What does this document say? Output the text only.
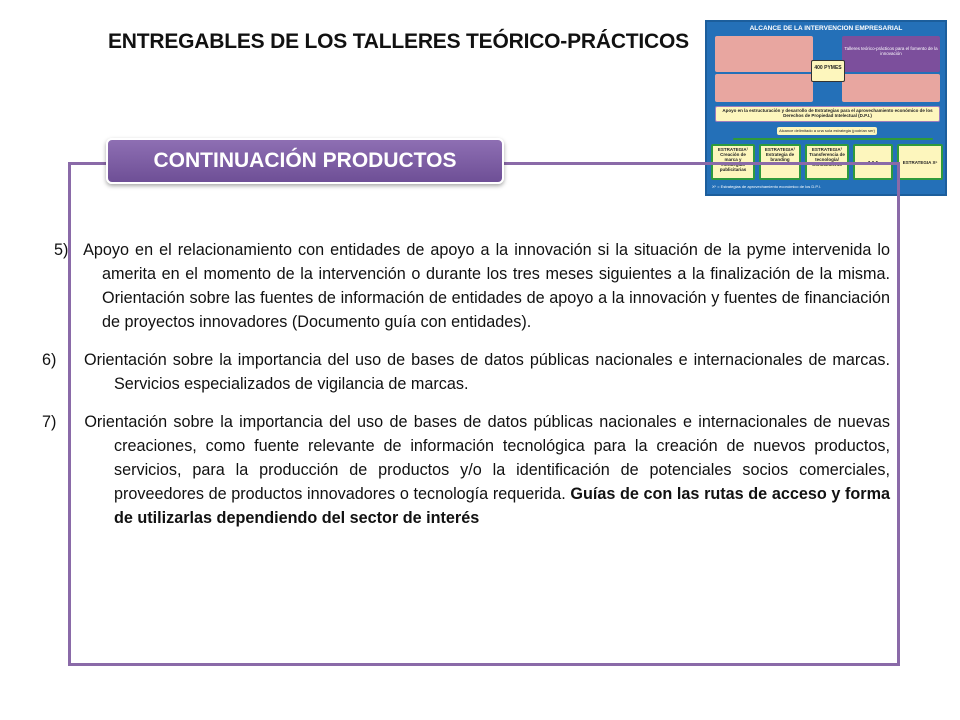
ENTREGABLES DE LOS TALLERES TEÓRICO-PRÁCTICOS
ALCANCE DE LA INTERVENCION EMPRESARIAL
Talleres teórico-prácticos para el fomento de la innovación
400 PYMES
Apoyo en la estructuración y desarrollo de Estrategias para el aprovechamiento económico de los Derechos de Propiedad Intelectual (D.P.I.)
Alcance delimitado a una sola estrategia (podrían ser)
ESTRATEGIA¹ Creación de marca y estrategias publicitarias
ESTRATEGIA² Estrategia de branding
ESTRATEGIA³ Transferencia de tecnología/ Conocimiento	…	ESTRATEGIA Xⁿ
Xⁿ = Estrategias de aprovechamiento económico de los D.P.I.
CONTINUACIÓN PRODUCTOS
5) Apoyo en el relacionamiento con entidades de apoyo a la innovación si la situación de la pyme intervenida lo amerita en el momento de la intervención o durante los tres meses siguientes a la finalización de la misma. Orientación sobre las fuentes de información de entidades de apoyo a la innovación y fuentes de financiación de proyectos innovadores (Documento guía con entidades).
6) Orientación sobre la importancia del uso de bases de datos públicas nacionales e internacionales de marcas. Servicios especializados de vigilancia de marcas.
7) Orientación sobre la importancia del uso de bases de datos públicas nacionales e internacionales de nuevas creaciones, como fuente relevante de información tecnológica para la creación de nuevos productos, servicios, para la producción de productos y/o la identificación de potenciales socios comerciales, proveedores de productos innovadores o tecnología requerida. Guías de con las rutas de acceso y forma de utilizarlas dependiendo del sector de interés
